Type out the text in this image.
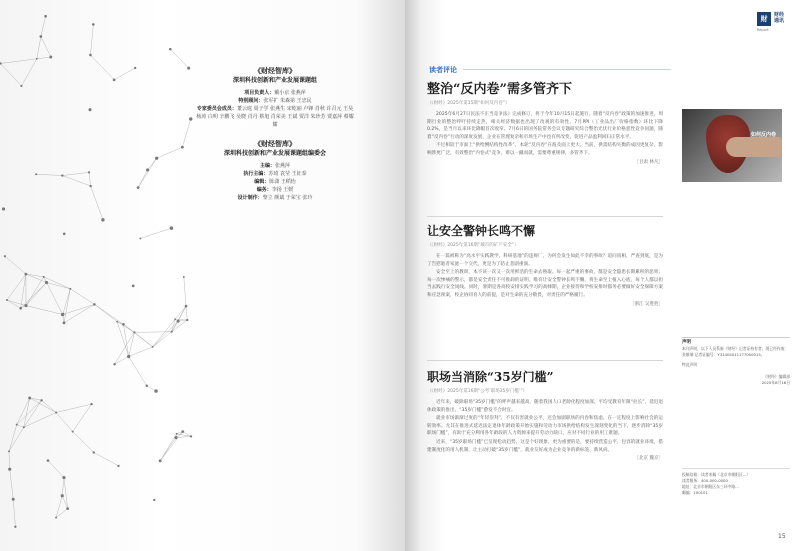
《财经智库》
深圳科技创新和产业发展课题组
项目负责人：戴小京 张燕萍
特别顾问：张军扩 朱森第 王忠民
专家委员会成员：董云庭 周子学 张燕生 宋屹丽 卢锋 肖秋 许召元 王昊
杨涛 白明 辛鹏飞 吴晓 肖丹 蔡旭 肖荣美 王斌 贾洋 朱珍芳 贾嘉萍 蔡耀耀
《财经智库》
深圳科技创新和产业发展课题组编委会
主编：张燕萍
执行主编：苏琦 袁莹 王征泰
编辑：陈潇 王稻怡
编务：李扬 王媛
设计制作：黎立 颜斌 于荣宝 张玲
财	财经
通讯
Report
读者评论
整治“反内卷”需多管齐下
（《财经》2025年第15期“如何反内卷”）

2025年6月27日民法不正当竞争法》完成修订，将于今年10月15日起施行。随着“反内卷”政策的加速推进，周期行业的整治呼吁持续走热，相关经济数据也出现了改观的有效性。7月PPI（工业品出厂价格指数）环比下降0.2%，是当月以来环比降幅首次收窄。7月6日的国务院常务会议专题研究综合整治光伏行业价格恶性竞争问题，随着“反内卷”行动的深度发展，企业在管理复杂和市场生产中也有所改变，促进产品盈利回归正常水平。

不过相较于市面上“供给侧结构性改革”，本轮“反内卷”在波及面上更大。当前，供需结构失衡的成因更复杂，影响涉更广泛，有效整治“内卷式”竞争，难以一蹴而就，需要尊重规律，多管齐下。

［甘肃 林凡］
让安全警钟长鸣不懈
（《财经》2025年第16期“城市的矿产安全”）

在一篇被称为“高水平实践教学、科研基地”的违规厂，为何会发生如此不幸的事故？追问真相，严查到底，是为了告慰逝者家庭一个交代，更是为了防止悲剧重演。

安全至上的教训，本不该一次又一次用鲜活的生命去换取。每一起严重的事故，都是安全隐患长期累积的恶果；每一次惨痛的警示，都是安全责任不可推卸的证明。唯有让安全警钟长鸣不懈，将生命至上植入心底，每个人都以担当去践行安全岗线。同时，暑期是各高校安排实践学习的高峰期，企业接待和学校安排时都务必要做好安全保障方案和应急预案，校企协同育人的前提，是对生命的充分敬畏，对责任的严格履行。

［浙江 吴胜胜］
职场当消除“35岁门槛”
（《财经》2025年第16期“公考‘职场35岁门槛’”）

近年来，破除职场“35岁门槛”的呼声越来越高，随着我国人口老龄化程度加深、平均受教育年限“拉长”，延迟退休政策的推出，“35岁门槛”愈发不合时宜。

就业市场渐渐过度的“年轻崇拜”，不仅有害就业公平，还会加剧职场的内卷和焦虑。在一定程度上影响社会的运转效率。尤其在推进式延迟法定退休年龄政策开始实施和劳动力市场供给结构发生深刻变化的当下，逐步消除“35岁职场门槛”，有助于充分利用各年龄段的人力资源来提升劳动力缺口，应对不同行业的用工难题。

近来，“35岁职场门槛”已呈现松动趋势，这是个好现象，更为重要的是，要持续营造公平，包容的就业环境，搭建制度化的用人机制，让主动打破“35岁门槛”，就业友好成为企业竞争的新标签、新风尚。

［北京 魏京］
如何反内卷
声明

本刊声明，以下人员系新《财经》记者证持有者，现已经作废：

张敏瑞 记者证编号：Y31404011177000015。

特此声明

《财经》编辑部

2025年8月18日

投稿信箱：读者来稿（北京市朝阳区...）

读者服务：400-000-0000

地址：北京市朝阳区东三环中路...

邮编：100101

15
